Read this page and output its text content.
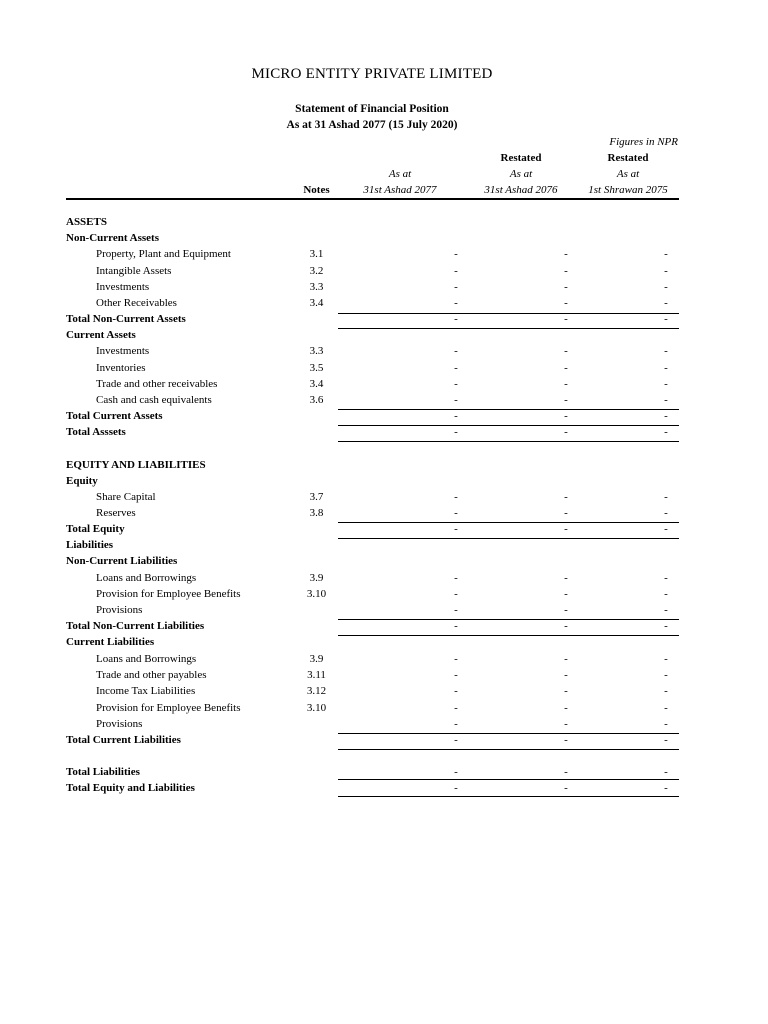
MICRO ENTITY PRIVATE LIMITED
Statement of Financial Position
As at 31 Ashad 2077 (15 July 2020)
Figures in NPR
Restated	Restated
As at	As at	As at
Notes	31st Ashad 2077	31st Ashad 2076	1st Shrawan 2075
ASSETS
Non-Current Assets
Property, Plant and Equipment	3.1	-	-	-
Intangible Assets	3.2	-	-	-
Investments	3.3	-	-	-
Other Receivables	3.4	-	-	-
Total Non-Current Assets	-	-	-
Current Assets
Investments	3.3	-	-	-
Inventories	3.5	-	-	-
Trade and other receivables	3.4	-	-	-
Cash and cash equivalents	3.6	-	-	-
Total Current Assets	-	-	-
Total Asssets	-	-	-
EQUITY AND LIABILITIES
Equity
Share Capital	3.7	-	-	-
Reserves	3.8	-	-	-
Total Equity	-	-	-
Liabilities
Non-Current Liabilities
Loans and Borrowings	3.9	-	-	-
Provision for Employee Benefits	3.10	-	-	-
Provisions	-	-	-
Total Non-Current Liabilities	-	-	-
Current Liabilities
Loans and Borrowings	3.9	-	-	-
Trade and other payables	3.11	-	-	-
Income Tax Liabilities	3.12	-	-	-
Provision for Employee Benefits	3.10	-	-	-
Provisions	-	-	-
Total Current Liabilities	-	-	-
Total Liabilities	-	-	-
Total Equity and Liabilities	-	-	-
